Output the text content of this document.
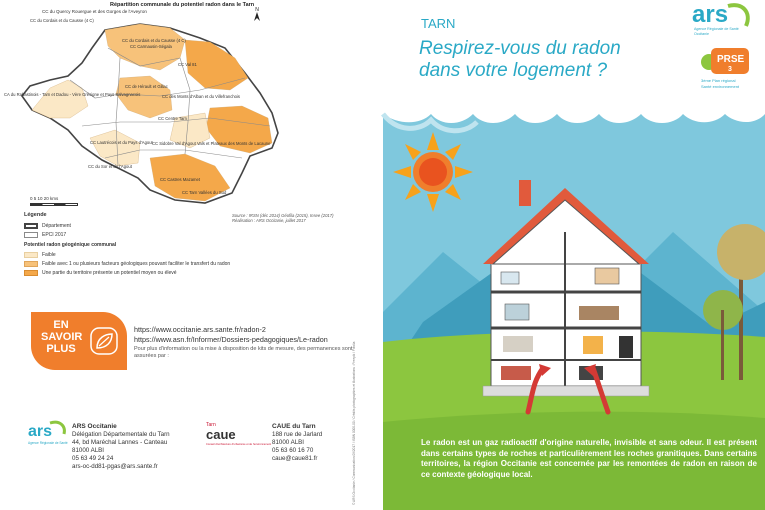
Répartition communale du potentiel radon dans le Tarn
CC du Quercy Rouergue et des Gorges de l'Aveyron	N
CC du Cordais et du Causse (4 C)
CC du Cordais et du Causse (4 C)
CC Carmausin-Ségala
CC Val 81
CC des Monts d'Alban et du Villefranchois
CA du Rabastinois - Tarn et Dadou - Vère Grésigne et Pays Salvagnacois
CC de Hérault et Gillac
CC Centre Tarn
CC Lautrécois et du Pays d'Agout CC Sidobre Val d'Agout Vals et Plateaux des Monts de Lacaune
CC du Sor et de l'Agout
CC Castres Mazamet
CC Tarn Vallées du Sud
0 5 10 20 kms
Source : IRSN (déc 2014) Géoﬁla (2015), Insee (2017)
Réalisation : ARS Occitanie, juillet 2017
Légende
Département
EPCI 2017
Potentiel radon géogénique communal
Faible
Faible avec 1 ou plusieurs facteurs géologiques pouvant faciliter le transfert du radon
Une partie du territoire présente un potentiel moyen ou élevé
EN SAVOIR PLUS
https://www.occitanie.ars.sante.fr/radon-2
https://www.asn.fr/Informer/Dossiers-pedagogiques/Le-radon
Pour plus d'information ou la mise à disposition de kits de mesure, des permanences sont assurées par :
ars
Agence Régionale de Santé
ARS Occitanie
Délégation Départementale du Tarn
44, bd Maréchal Lannes - Canteau
81000 ALBI
05 63 49 24 24
ars-oc-dd81-pgas@ars.sante.fr
Tarn
caue
Conseil d'architecture d'urbanisme et de l'environnement
CAUE du Tarn
188 rue de Jarlard
81000 ALBI
05 63 60 16 70
caue@caue81.fr	© ARS Occitanie / Communication 09/2017 / ISBN 0000-00 / Crédits photographies et illustrations : Freepik / Fotolia
TARN
Respirez-vous du radon
dans votre logement ?
ars
Agence Régionale de Santé
Occitanie
PRSE
3
3ème Plan régional
Santé environnement
Le radon est un gaz radioactif d'origine naturelle, invisible et sans odeur. Il est présent dans certains types de roches et particulièrement les roches granitiques. Dans certains territoires, la région Occitanie est concernée par les remontées de radon en raison de ce contexte géologique local.
